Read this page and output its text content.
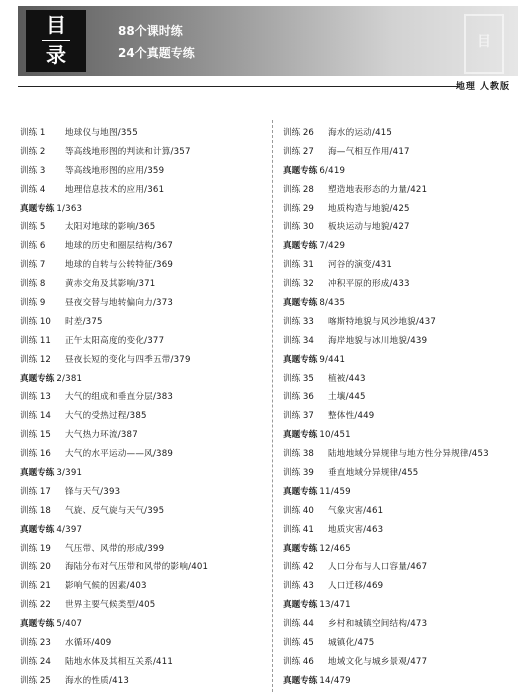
目
录
88个课时练
24个真题专练
目
地理 人教版
训练 1 地球仪与地图/355
训练 2 等高线地形图的判读和计算/357
训练 3 等高线地形图的应用/359
训练 4 地理信息技术的应用/361
真题专练 1/363
训练 5 太阳对地球的影响/365
训练 6 地球的历史和圈层结构/367
训练 7 地球的自转与公转特征/369
训练 8 黄赤交角及其影响/371
训练 9 昼夜交替与地转偏向力/373
训练 10 时差/375
训练 11 正午太阳高度的变化/377
训练 12 昼夜长短的变化与四季五带/379
真题专练 2/381
训练 13 大气的组成和垂直分层/383
训练 14 大气的受热过程/385
训练 15 大气热力环流/387
训练 16 大气的水平运动——风/389
真题专练 3/391
训练 17 锋与天气/393
训练 18 气旋、反气旋与天气/395
真题专练 4/397
训练 19 气压带、风带的形成/399
训练 20 海陆分布对气压带和风带的影响/401
训练 21 影响气候的因素/403
训练 22 世界主要气候类型/405
真题专练 5/407
训练 23 水循环/409
训练 24 陆地水体及其相互关系/411
训练 25 海水的性质/413
训练 26 海水的运动/415
训练 27 海—气相互作用/417
真题专练 6/419
训练 28 塑造地表形态的力量/421
训练 29 地质构造与地貌/425
训练 30 板块运动与地貌/427
真题专练 7/429
训练 31 河谷的演变/431
训练 32 冲积平原的形成/433
真题专练 8/435
训练 33 喀斯特地貌与风沙地貌/437
训练 34 海岸地貌与冰川地貌/439
真题专练 9/441
训练 35 植被/443
训练 36 土壤/445
训练 37 整体性/449
真题专练 10/451
训练 38 陆地地域分异规律与地方性分异规律/453
训练 39 垂直地域分异规律/455
真题专练 11/459
训练 40 气象灾害/461
训练 41 地质灾害/463
真题专练 12/465
训练 42 人口分布与人口容量/467
训练 43 人口迁移/469
真题专练 13/471
训练 44 乡村和城镇空间结构/473
训练 45 城镇化/475
训练 46 地域文化与城乡景观/477
真题专练 14/479
